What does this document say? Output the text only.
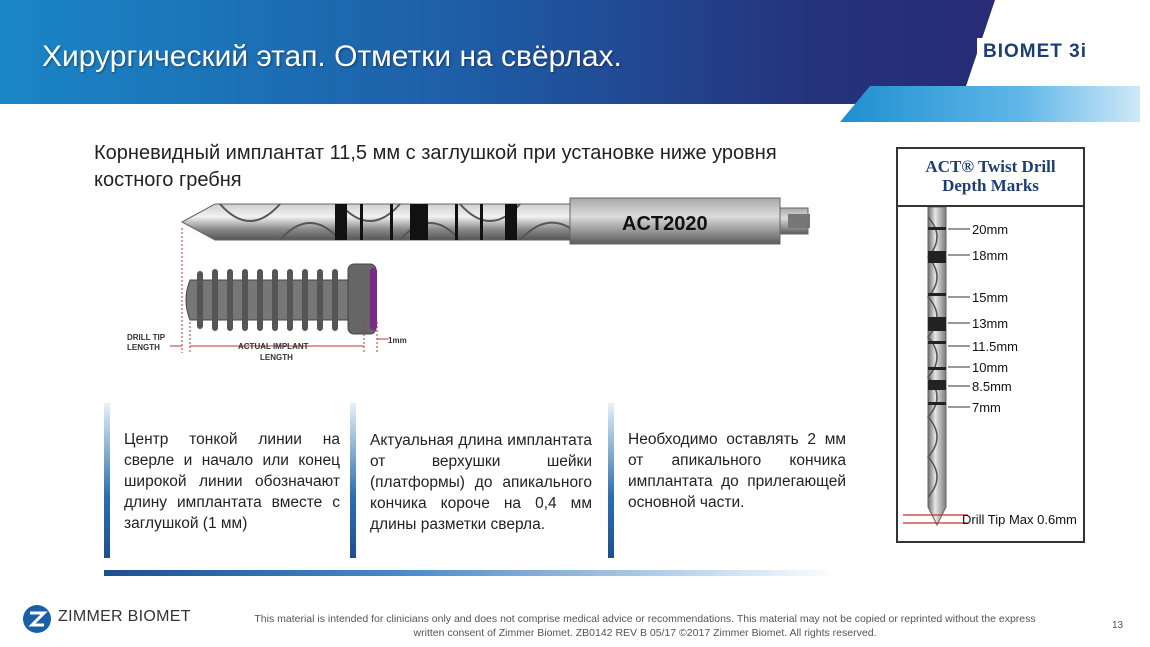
Хирургический этап. Отметки на свёрлах.	BIOMET 3i
Корневидный имплантат 11,5 мм с заглушкой при установке ниже уровня костного гребня
ACT2020
DRILL TIP
LENGTH	ACTUAL IMPLANT
LENGTH
1mm

Центр тонкой линии на сверле и начало или конец широкой линии обозначают длину имплантата вместе с заглушкой (1 мм)

Актуальная длина имплантата от верхушки шейки (платформы) до апикального кончика короче на 0,4 мм длины разметки сверла.

Необходимо оставлять 2 мм от апикального кончика имплантата до прилегающей основной части.

ACT® Twist Drill
Depth Marks
20mm
18mm
15mm
13mm
11.5mm
10mm
8.5mm
7mm
Drill Tip Max 0.6mm
ZIMMER BIOMET	This material is intended for clinicians only and does not comprise medical advice or recommendations. This material may not be copied or reprinted without the express written consent of Zimmer Biomet. ZB0142 REV B 05/17 ©2017 Zimmer Biomet. All rights reserved.
13
